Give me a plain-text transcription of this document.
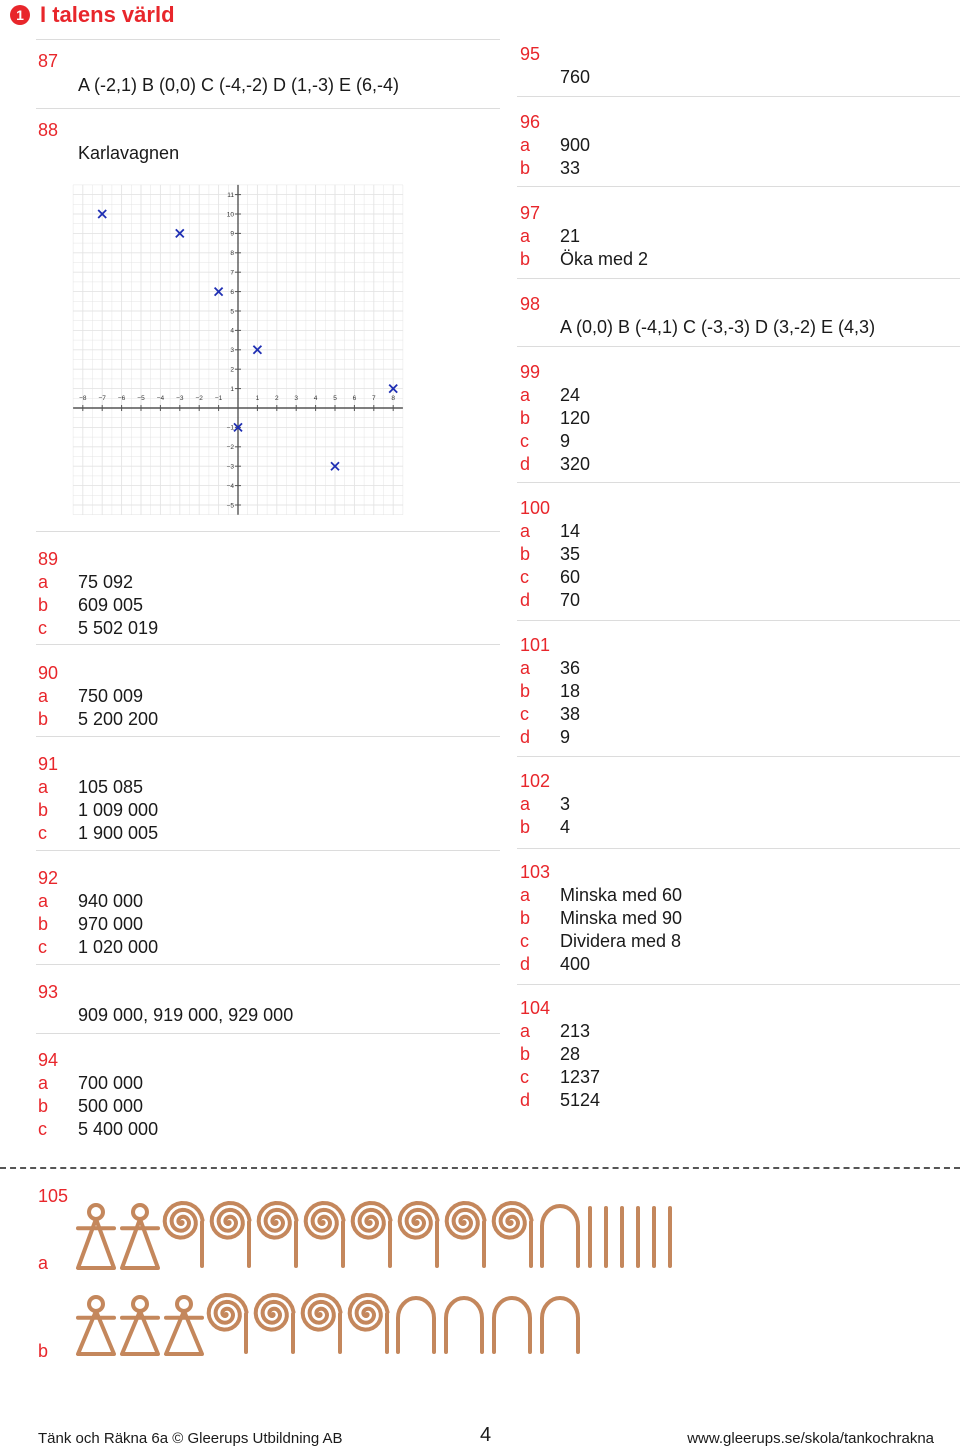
1 I talens värld
87
A (-2,1) B (0,0) C (-4,-2) D (1,-3) E (6,-4)
88
Karlavagnen
−8 −7 −6 −5 −4 −3 −2 −1	1 2 3 4 5 6 7 8
11
10
9
8
7
6
5
4
3
2
1
−1
−2
−3
−4
−5
89
a 75 092
b 609 005
c 5 502 019
90
a 750 009
b 5 200 200
91
a 105 085
b 1 009 000
c 1 900 005
92
a 940 000
b 970 000
c 1 020 000
93
909 000, 919 000, 929 000
94
a 700 000
b 500 000
c 5 400 000
95
760
96
a 900
b 33
97
a 21
b Öka med 2
98
A (0,0) B (-4,1) C (-3,-3) D (3,-2) E (4,3)
99
a 24
b 120
c 9
d 320
100
a 14
b 35
c 60
d 70
101
a 36
b 18
c 38
d 9
102
a 3
b 4
103
a Minska med 60
b Minska med 90
c Dividera med 8
d 400
104
a 213
b 28
c 1237
d 5124
105
a
b
Tänk och Räkna 6a © Gleerups Utbildning AB	4	www.gleerups.se/skola/tankochrakna
